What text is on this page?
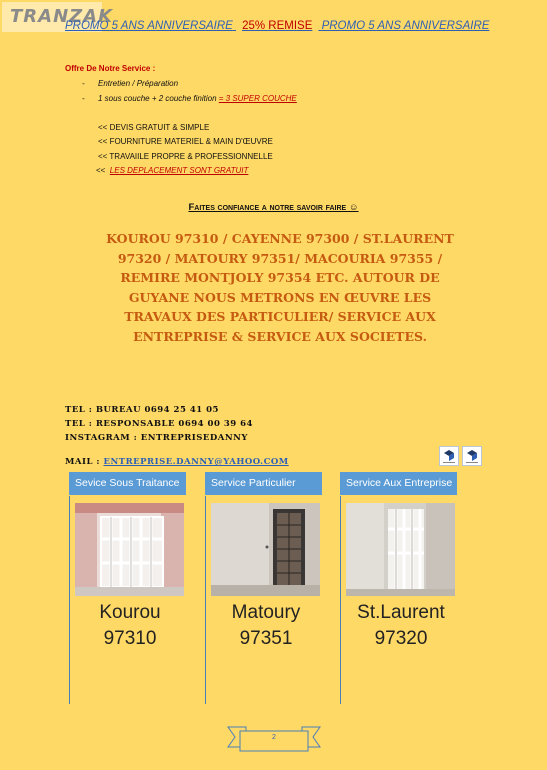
TRANZAK
PROMO 5 ANS ANNIVERSAIRE 25% REMISE PROMO 5 ANS ANNIVERSAIRE
Offre De Notre Service :
- Entretien / Préparation
- 1 sous couche + 2 couche finition = 3 SUPER COUCHE
<< DEVIS GRATUIT & SIMPLE
<< FOURNITURE MATERIEL & MAIN D'ŒUVRE
<< TRAVAIILE PROPRE & PROFESSIONNELLE
<< LES DEPLACEMENT SONT GRATUIT
Faites confiance a notre savoir faire ☺
KOUROU 97310 / CAYENNE 97300 / ST.LAURENT 97320 / MATOURY 97351/ MACOURIA 97355 / REMIRE MONTJOLY 97354 ETC. AUTOUR DE GUYANE NOUS METRONS EN ŒUVRE LES TRAVAUX DES PARTICULIER/ SERVICE AUX ENTREPRISE & SERVICE AUX SOCIETES.
TEL : BUREAU 0694 25 41 05
TEL : RESPONSABLE 0694 00 39 64
INSTAGRAM : ENTREPRISEDANNY
MAIL : ENTREPRISE.DANNY@YAHOO.COM
Sevice Sous Traitance
Kourou
97310
Service Particulier
Matoury
97351
Service Aux Entreprise
St.Laurent
97320
2
